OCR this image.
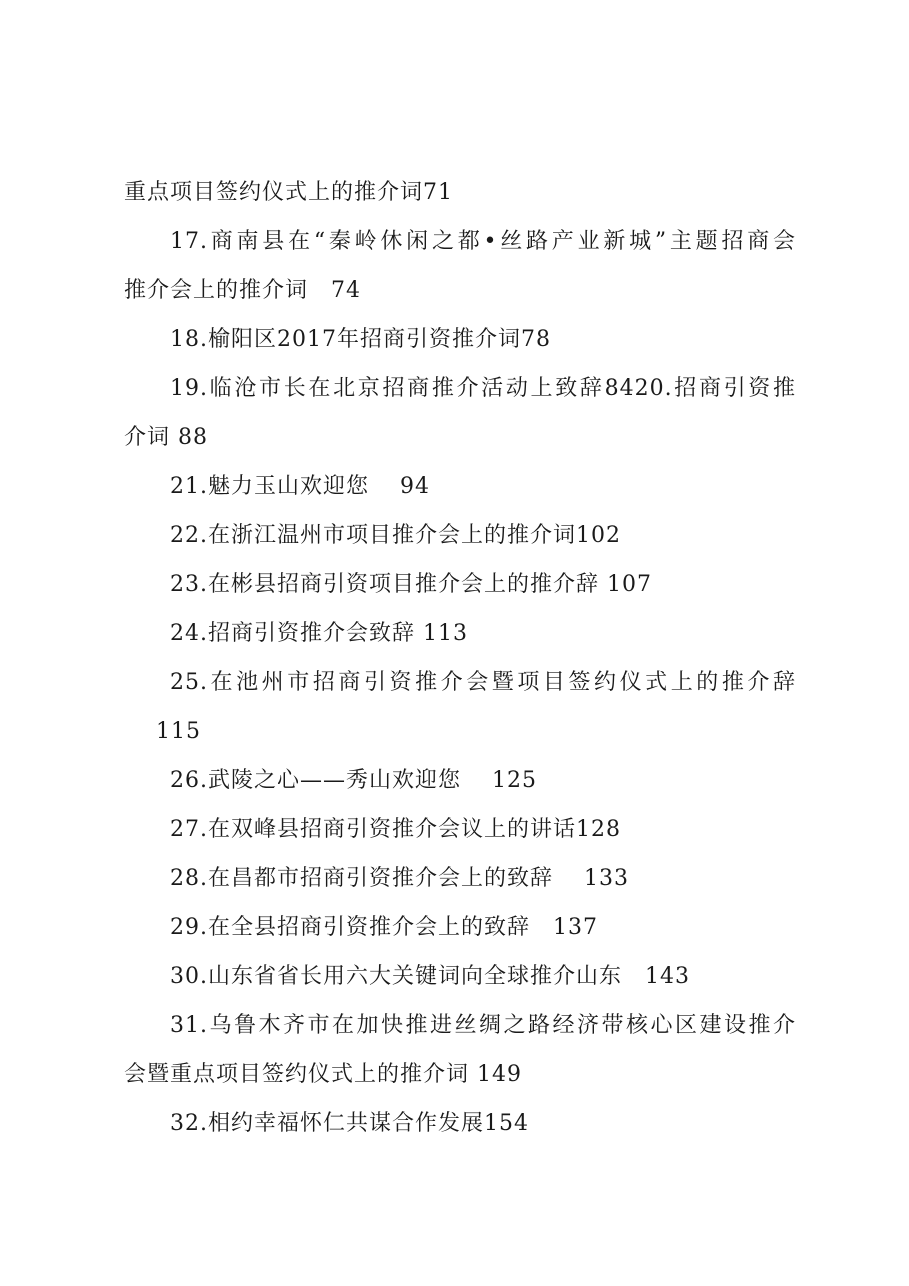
重点项目签约仪式上的推介词71
17.商南县在“秦岭休闲之都•丝路产业新城”主题招商会
推介会上的推介词　74
18.榆阳区2017年招商引资推介词78
19.临沧市长在北京招商推介活动上致辞8420.招商引资推
介词 88
21.魅力玉山欢迎您　 94
22.在浙江温州市项目推介会上的推介词102
23.在彬县招商引资项目推介会上的推介辞 107
24.招商引资推介会致辞 113
25.在池州市招商引资推介会暨项目签约仪式上的推介辞
115
26.武陵之心——秀山欢迎您　 125
27.在双峰县招商引资推介会议上的讲话128
28.在昌都市招商引资推介会上的致辞　 133
29.在全县招商引资推介会上的致辞　137
30.山东省省长用六大关键词向全球推介山东　143
31.乌鲁木齐市在加快推进丝绸之路经济带核心区建设推介
会暨重点项目签约仪式上的推介词 149
32.相约幸福怀仁共谋合作发展154
